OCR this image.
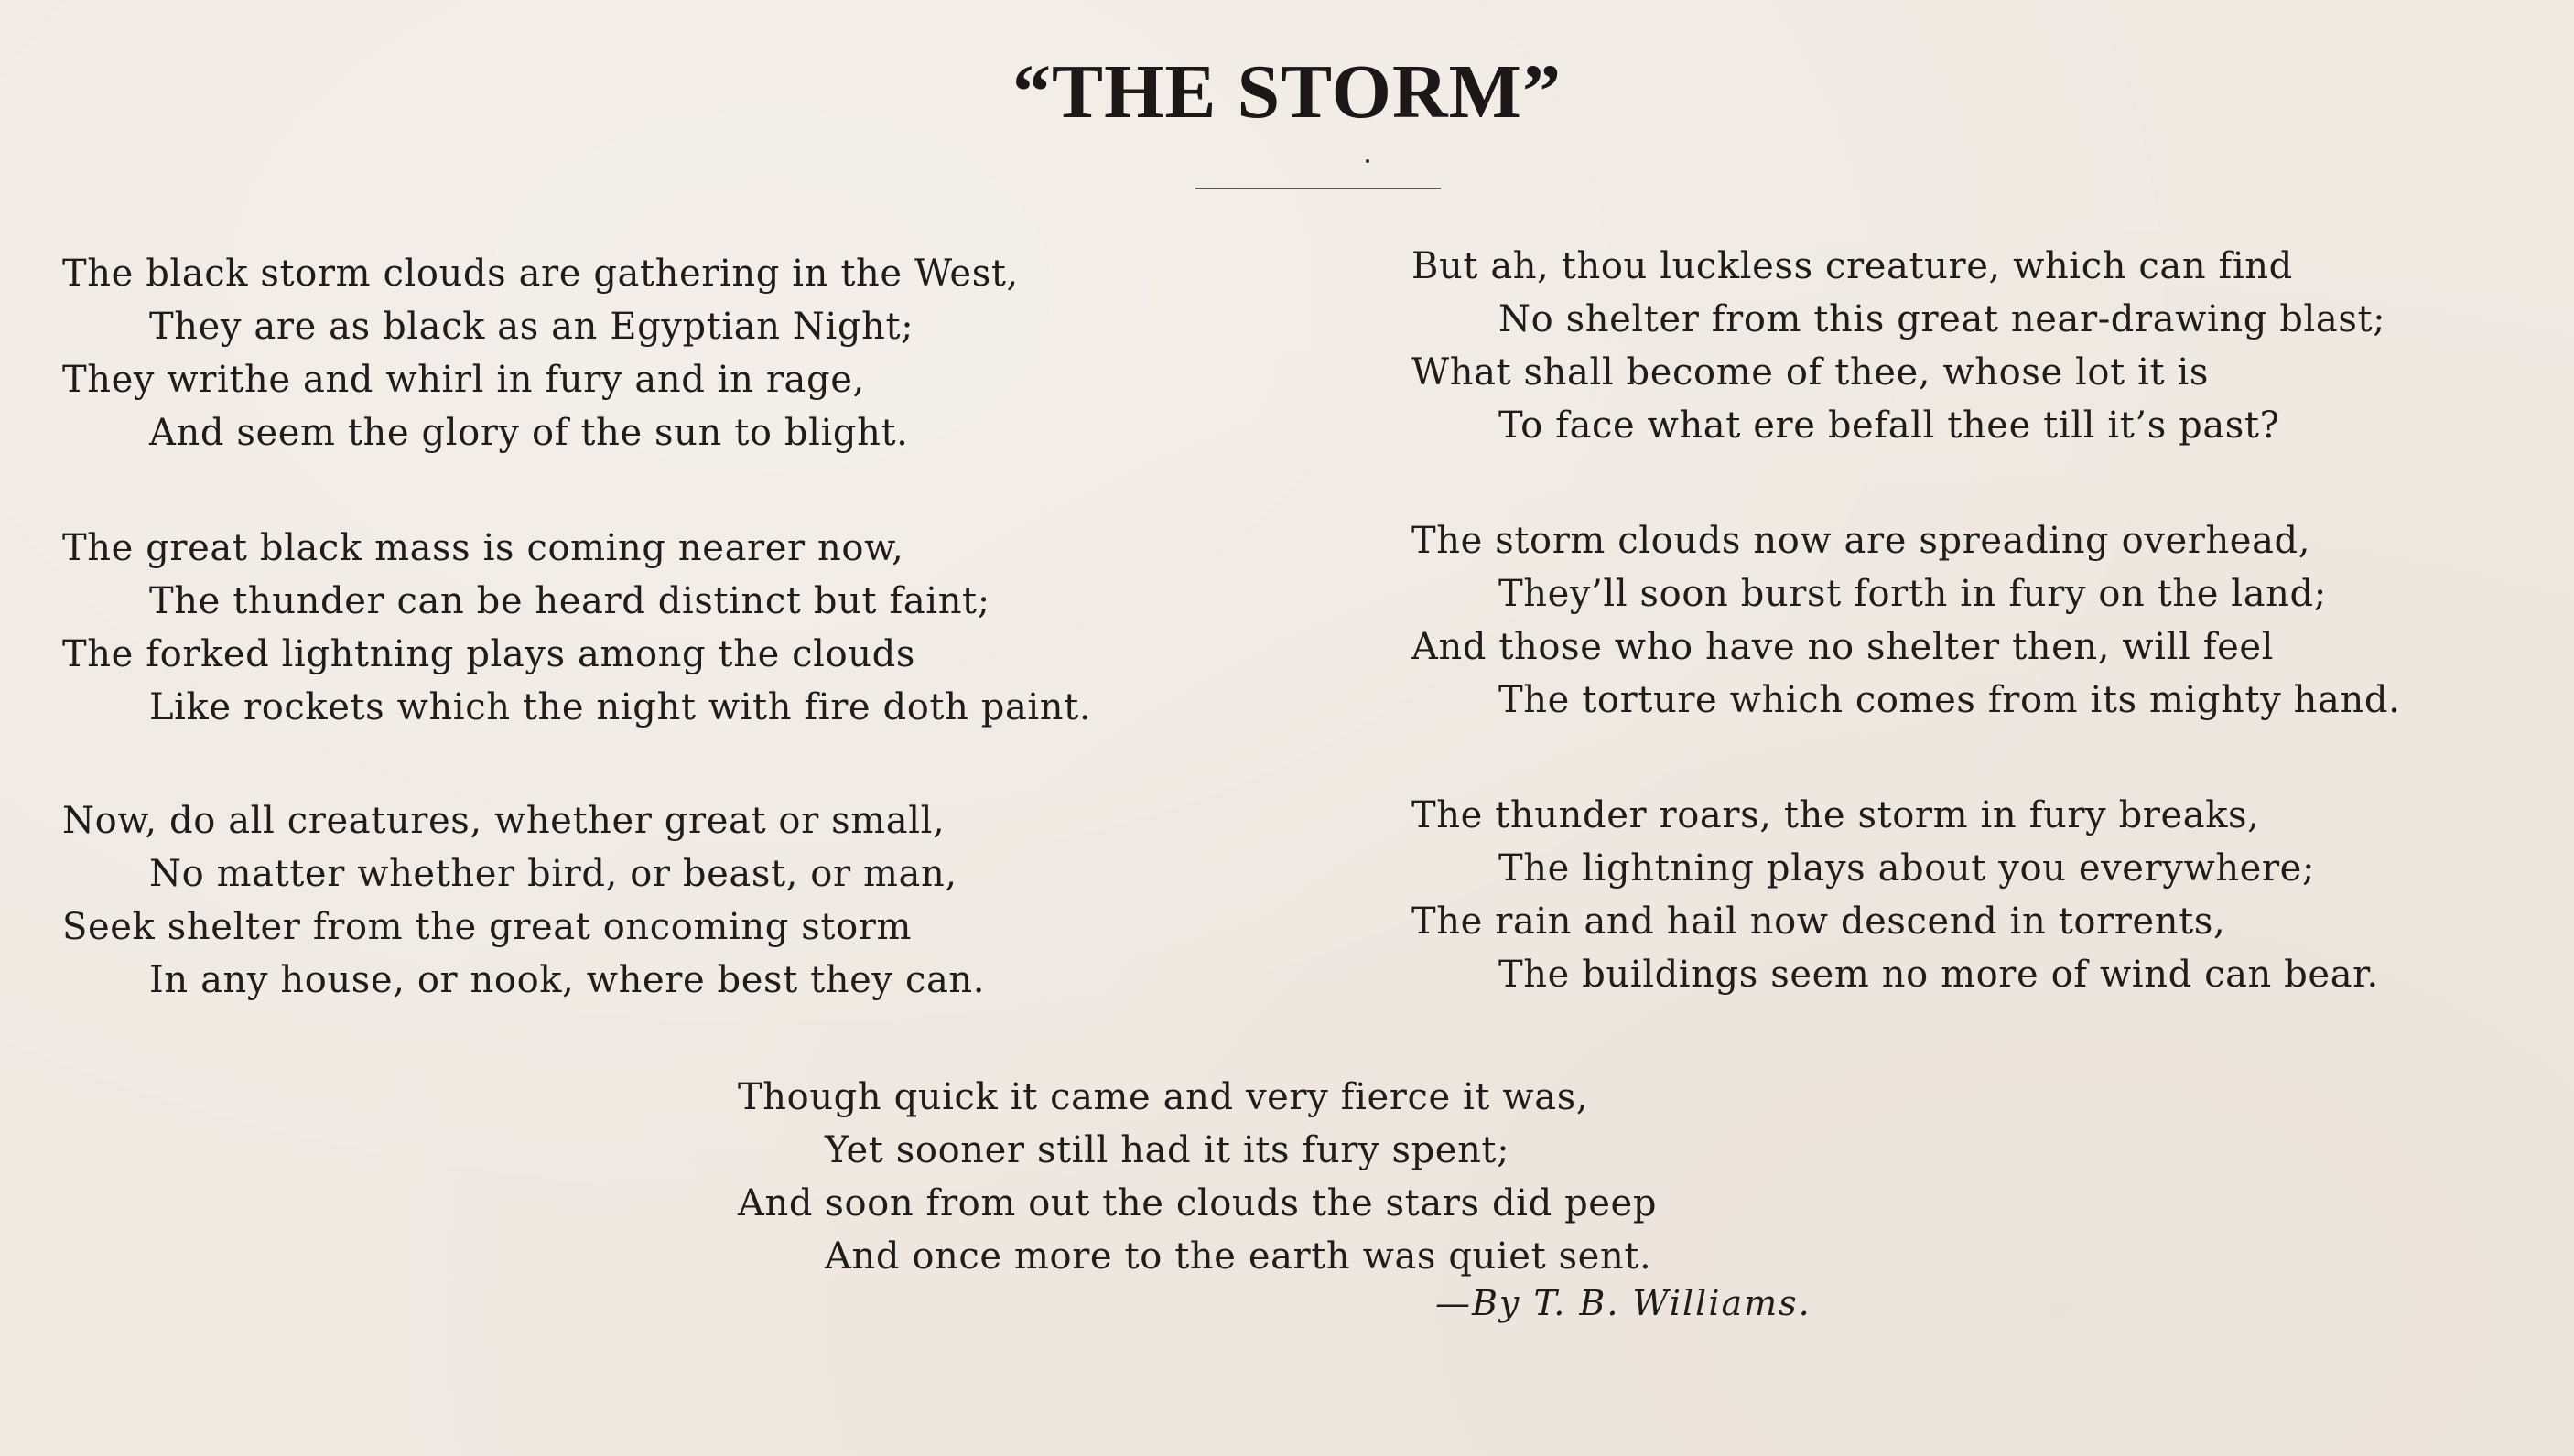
“THE STORM”
The black storm clouds are gathering in the West,
They are as black as an Egyptian Night;
They writhe and whirl in fury and in rage,
And seem the glory of the sun to blight.
The great black mass is coming nearer now,
The thunder can be heard distinct but faint;
The forked lightning plays among the clouds
Like rockets which the night with fire doth paint.
Now, do all creatures, whether great or small,
No matter whether bird, or beast, or man,
Seek shelter from the great oncoming storm
In any house, or nook, where best they can.
But ah, thou luckless creature, which can find
No shelter from this great near-drawing blast;
What shall become of thee, whose lot it is
To face what ere befall thee till it’s past?
The storm clouds now are spreading overhead,
They’ll soon burst forth in fury on the land;
And those who have no shelter then, will feel
The torture which comes from its mighty hand.
The thunder roars, the storm in fury breaks,
The lightning plays about you everywhere;
The rain and hail now descend in torrents,
The buildings seem no more of wind can bear.
Though quick it came and very fierce it was,
Yet sooner still had it its fury spent;
And soon from out the clouds the stars did peep
And once more to the earth was quiet sent.

—By T. B. Williams.
